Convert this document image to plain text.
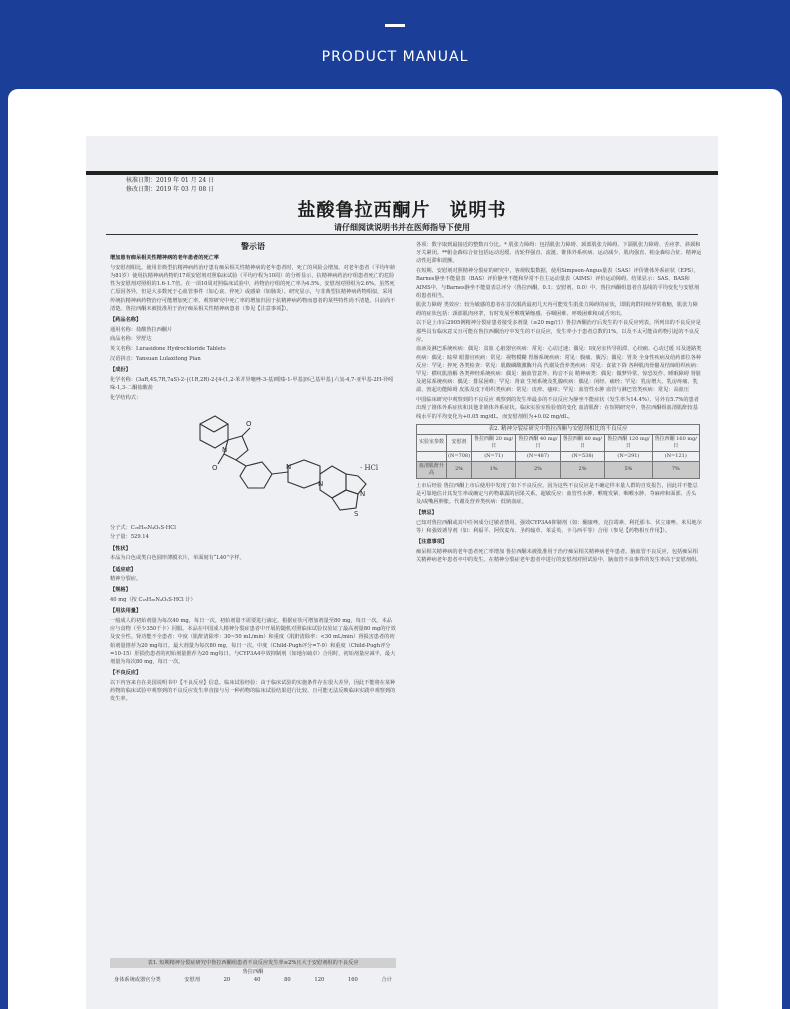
PRODUCT MANUAL
核准日期：2019 年 01 月 24 日
修改日期：2019 年 03 月 08 日
盐酸鲁拉西酮片　说明书
请仔细阅读说明书并在医师指导下使用
警示语

增加患有痴呆相关性精神病的老年患者的死亡率

与安慰剂相比，使用非典型抗精神病药治疗患有痴呆相关性精神病的老年患者时，死亡的风险会增加。对老年患者（平均年龄为81岁）使用抗精神病药物的17项安慰剂对照临床试验（平均疗程为10周）的分析显示，抗精神病药治疗组患者死亡的危险性为安慰剂对照组的1.6-1.7倍。在一项10周对照临床试验中，药物治疗组的死亡率为4.5%，安慰剂对照组为2.6%。虽然死亡原因各异，但是大多数死于心血管事件（如心衰、猝死）或感染（如肺炎）。研究显示，与非典型抗精神病药物相似，采用传统抗精神病药物治疗可能增加死亡率。观察研究中死亡率的增加归因于抗精神病药物而患者的某些特性尚不清楚。目前尚不清楚。鲁拉西酮未被批准用于治疗痴呆相关性精神病患者（参见【注意事项】）。

【药品名称】

通用名称：盐酸鲁拉西酮片

商品名称：罗舒达

英文名称：Lurasidone Hydrochloride Tablets

汉语拼音：Yansuan Lulaxitong Pian

【成份】

化学名称：(3aR,4S,7R,7aS)-2-{(1R,2R)-2-[4-(1,2-苯并异噻唑-3-基)哌嗪-1-甲基]环己基甲基}六氢-4,7-亚甲基-2H-异吲哚-1,3-二酮盐酸盐

化学结构式：

O
O
N
N
N
S
N
· HCl

分子式：C₂₈H₃₆N₄O₂S·HCl

分子量：529.14

【性状】

本品为白色或类白色圆形薄膜衣片，单面刻有“L40”字样。

【适应症】

精神分裂症。

【规格】

40 mg（按 C₂₈H₃₆N₄O₂S·HCl 计）

【用法用量】

一般成人的初始剂量为每次40 mg，每日一次。初始剂量不需要进行滴定。根据症状可增加剂量至80 mg，每日一次。本品应与食物（至少350千卡）同服。本品在中国成人精神分裂症患者中开展的随机对照临床试验仅验证了最高剂量80 mg的疗效及安全性。肾功能不全患者：中度（肌酐清除率：30~50 mL/min）和重度（肌酐清除率：<30 mL/min）肾损害患者的初始剂量推荐为20 mg每日，最大剂量为每次80 mg，每日一次。中度（Child-Pugh评分=7-9）和重度（Child-Pugh评分=10-15）肝损伤患者的初始剂量推荐为20 mg每日。与CYP3A4中效抑制剂（如地尔硫卓）合用时，初始剂量应减半，最大剂量为每次80 mg，每日一次。

【不良反应】

以下内容来自在美国说明书中【不良反应】信息。临床试验经验：由于临床试验的实施条件存在很大差异，因此不能将在某种药物的临床试验中观察到的不良反应发生率直接与另一种药物的临床试验结果进行比较，且可能无法反映临床实践中观察到的发生率。

表1. 短期精神分裂症研究中鲁拉西酮组患者不良反应发生率≥2%且大于安慰剂组的不良反应
鲁拉西酮
身体系统或器官分类	安慰剂	20	40	80	120	160	合计

各项：数字取到最接近的整数百分比。* 肌张力障碍：包括肌张力障碍、颈部肌张力障碍、下颌肌张力障碍、舌痉挛、斜颈和牙关紧闭。**帕金森综合征包括运动迟缓、齿轮样强直、流涎、锥体外系疾病、运动减少、肌肉强直、帕金森综合征、精神运动性迟滞和震颤。

在短期、安慰剂对照精神分裂症的研究中，客观收集数据，使用Simpson-Angus量表（SAS）评价锥体外系症状（EPS），Barnes静坐不能量表（BAS）评价静坐不能和异常不自主运动量表（AIMS）评价运动障碍。结果显示：SAS、BAS和AIMS中，与Barnes静坐不能量表总评分（鲁拉西酮，0.1；安慰剂，0.0）中，鲁拉西酮组患者自基线的平均变化与安慰剂组患者相当。

肌张力障碍 类效应：较为敏感的患者在首次服药最初几天内可能发生肌张力障碍的症状，即肌肉群持续异常收缩，肌张力障碍的症状包括：颈部肌肉痉挛，有时发展至喉咙紧缩感、吞咽困难、呼吸困难和/或舌突出。

以下是上市后2905例精神分裂症患者接受多剂量（≥20 mg/日）鲁拉西酮治疗后发生的不良反应列表。所列出的不良反应是那些具有临床意义且可能在鲁拉西酮治疗中发生的不良反应，发生率小于患者总数的1%，以及不太可能由药物引起的不良反应。

血液及淋巴系统疾病：偶见：贫血 心脏器官疾病：常见：心动过速；偶见：I度房室传导阻滞、心绞痛、心动过缓 耳及迷路类疾病：偶见：眩晕 眼器官疾病：常见：视物模糊 胃肠系统疾病：常见：腹痛、腹泻；偶见：胃炎 全身性疾病及给药部位各种反应：罕见：猝死 各类检查：常见：肌酸磷酸激酶升高 代谢及营养类疾病：常见：食欲下降 各种肌肉骨骼及结缔组织疾病：罕见：横纹肌溶解 各类神经系统疾病：偶见：脑血管意外、构音不良 精神病类：偶见：做梦异常、惊恐发作、睡眠障碍 肾脏及泌尿系统疾病：偶见：排尿困难；罕见：肾衰 生殖系统及乳腺疾病：偶见：闭经、痛经；罕见：乳房增大、乳房疼痛、乳溢、勃起功能障碍 皮肤及皮下组织类疾病：常见：皮疹、瘙痒；罕见：血管性水肿 血管与淋巴管类疾病：常见：高血压

中国临床研究中观察到的不良反应 观察到的发生率最多的不良反应为静坐不能症状（发生率为14.4%），另外有5.7%的患者出现了锥体外系症状和其他非锥体外系症状。临床实验室检验值的变化 血清肌酐：在短期研究中，鲁拉西酮组血清肌酐较基线水平的平均变化为+0.05 mg/dL，而安慰剂组为+0.02 mg/dL。

表2. 精神分裂症研究中鲁拉西酮与安慰剂相比的不良反应						
实验室参数	安慰剂	鲁拉西酮 20 mg/日	鲁拉西酮 40 mg/日	鲁拉西酮 80 mg/日	鲁拉西酮 120 mg/日	鲁拉西酮 160 mg/日
	(N=708)	(N=71)	(N=487)	(N=538)	(N=291)	(N=121)
血清肌酐升高	2%	1%	2%	2%	5%	7%

上市后经验 鲁拉西酮上市后使用中发现了如下不良反应。因为这些不良反应是不确定样本量人群的自发报告，因此并不能总是可靠地估计其发生率或确定与药物暴露的因果关系。超敏反应：血管性水肿、喉咙发紧、咽喉水肿、荨麻疹和面部、舌头及/或嘴唇肿胀。代谢及营养类疾病：低钠血症。

【禁忌】

已知对鲁拉西酮或其中任何成分过敏者禁用。强效CYP3A4抑制剂（如：酮康唑、克拉霉素、利托那韦、伏立康唑、米贝地尔等）和强效诱导剂（如：利福平、阿伐麦布、圣约翰草、苯妥英、卡马西平等）合用（参见【药物相互作用】）。

【注意事项】

痴呆相关精神病的老年患者死亡率增加 鲁拉西酮未被批准用于治疗痴呆相关精神病老年患者。脑血管不良反应，包括痴呆相关精神病老年患者卒中的发生。在精神分裂症老年患者中进行的安慰剂对照试验中，脑血管不良事件的发生率高于安慰剂组。
